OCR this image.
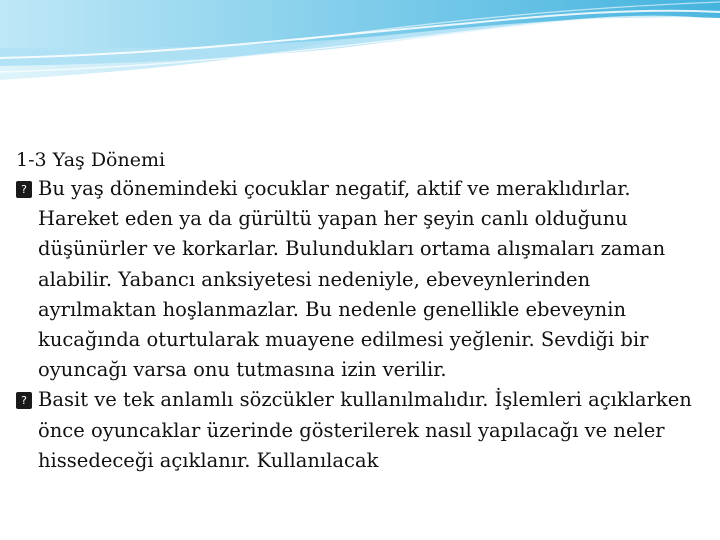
1-3 Yaş Dönemi

? Bu yaş dönemindeki çocuklar negatif, aktif ve meraklıdırlar. Hareket eden ya da gürültü yapan her şeyin canlı olduğunu düşünürler ve korkarlar. Bulundukları ortama alışmaları zaman alabilir. Yabancı anksiyetesi nedeniyle, ebeveynlerinden ayrılmaktan hoşlanmazlar. Bu nedenle genellikle ebeveynin kucağında oturtularak muayene edilmesi yeğlenir. Sevdiği bir oyuncağı varsa onu tutmasına izin verilir.

? Basit ve tek anlamlı sözcükler kullanılmalıdır. İşlemleri açıklarken önce oyuncaklar üzerinde gösterilerek nasıl yapılacağı ve neler hissedeceği açıklanır. Kullanılacak
